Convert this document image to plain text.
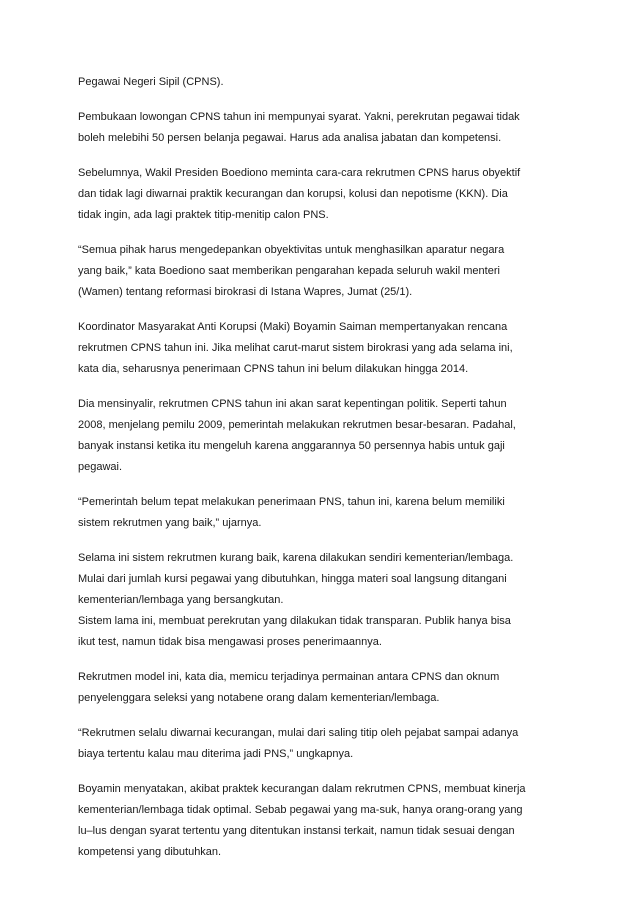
Pegawai Negeri Sipil (CPNS).

Pembukaan lowongan CPNS tahun ini mempunyai syarat. Yakni, perekrutan pegawai tidak
boleh melebihi 50 persen belanja pegawai. Harus ada analisa jabatan dan kompetensi.

Sebelumnya, Wakil Presiden Boediono meminta cara-cara rekrutmen CPNS harus obyektif
dan tidak lagi diwarnai praktik kecurangan dan korupsi, kolusi dan nepotisme (KKN). Dia
tidak ingin, ada lagi praktek titip-menitip calon PNS.

“Semua pihak harus mengedepankan obyektivitas untuk menghasilkan aparatur negara
yang baik,” kata Boediono saat memberikan pengarahan kepada seluruh wakil menteri
(Wamen) tentang reformasi birokrasi di Istana Wapres, Jumat (25/1).

Koordinator Masyarakat Anti Korupsi (Maki) Boyamin Saiman mempertanyakan rencana
rekrutmen CPNS tahun ini. Jika melihat carut-marut sistem birokrasi yang ada selama ini,
kata dia, seharusnya penerimaan CPNS tahun ini belum dilakukan hingga 2014.

Dia mensinyalir, rekrutmen CPNS tahun ini akan sarat kepentingan politik. Seperti tahun
2008, menjelang pemilu 2009, pemerintah melakukan rekrutmen besar-besaran. Padahal,
banyak instansi ketika itu mengeluh karena anggarannya 50 persennya habis untuk gaji
pegawai.

“Pemerintah belum tepat melakukan penerimaan PNS, tahun ini, karena belum memiliki
sistem rekrutmen yang baik,” ujarnya.

Selama ini sistem rekrutmen kurang baik, karena dilakukan sendiri kementerian/lembaga.
Mulai dari jumlah kursi pegawai yang dibutuhkan, hingga materi soal langsung ditangani
kementerian/lembaga yang bersangkutan.
Sistem lama ini, membuat perekrutan yang dilakukan tidak transparan. Publik hanya bisa
ikut test, namun tidak bisa mengawasi proses penerimaannya.

Rekrutmen model ini, kata dia, memicu terjadinya permainan antara CPNS dan oknum
penyelenggara seleksi yang notabene orang dalam kementerian/lembaga.

“Rekrutmen selalu diwarnai kecurangan, mulai dari saling titip oleh pejabat sampai adanya
biaya tertentu kalau mau diterima jadi PNS,” ungkapnya.

Boyamin menyatakan, akibat praktek kecurangan dalam rekrutmen CPNS, membuat kinerja
kementerian/lembaga tidak optimal. Sebab pegawai yang ma-suk, hanya orang-orang yang
lu–lus dengan syarat tertentu yang ditentukan instansi terkait, namun tidak sesuai dengan
kompetensi yang dibutuhkan.
